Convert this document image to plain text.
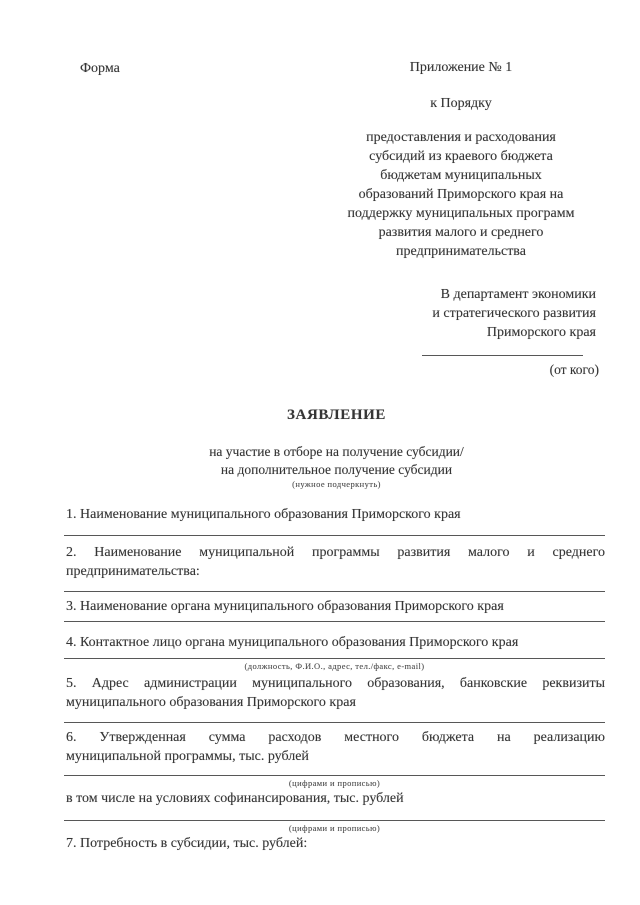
Форма	Приложение № 1
к Порядку
предоставления и расходования
субсидий из краевого бюджета
бюджетам муниципальных
образований Приморского края на
поддержку муниципальных программ
развития малого и среднего
предпринимательства
В департамент экономики
и стратегического развития
Приморского края
(от кого)
ЗАЯВЛЕНИЕ
на участие в отборе на получение субсидии/
на дополнительное получение субсидии
(нужное подчеркнуть)
1. Наименование муниципального образования Приморского края
2. Наименование муниципальной программы развития малого и среднего
предпринимательства:
3. Наименование органа муниципального образования Приморского края
4. Контактное лицо органа муниципального образования Приморского края
(должность, Ф.И.О., адрес, тел./факс, e-mail)
5. Адрес администрации муниципального образования, банковские реквизиты
муниципального образования Приморского края
6. Утвержденная сумма расходов местного бюджета на реализацию
муниципальной программы, тыс. рублей
(цифрами и прописью)
в том числе на условиях софинансирования, тыс. рублей
(цифрами и прописью)
7. Потребность в субсидии, тыс. рублей:
